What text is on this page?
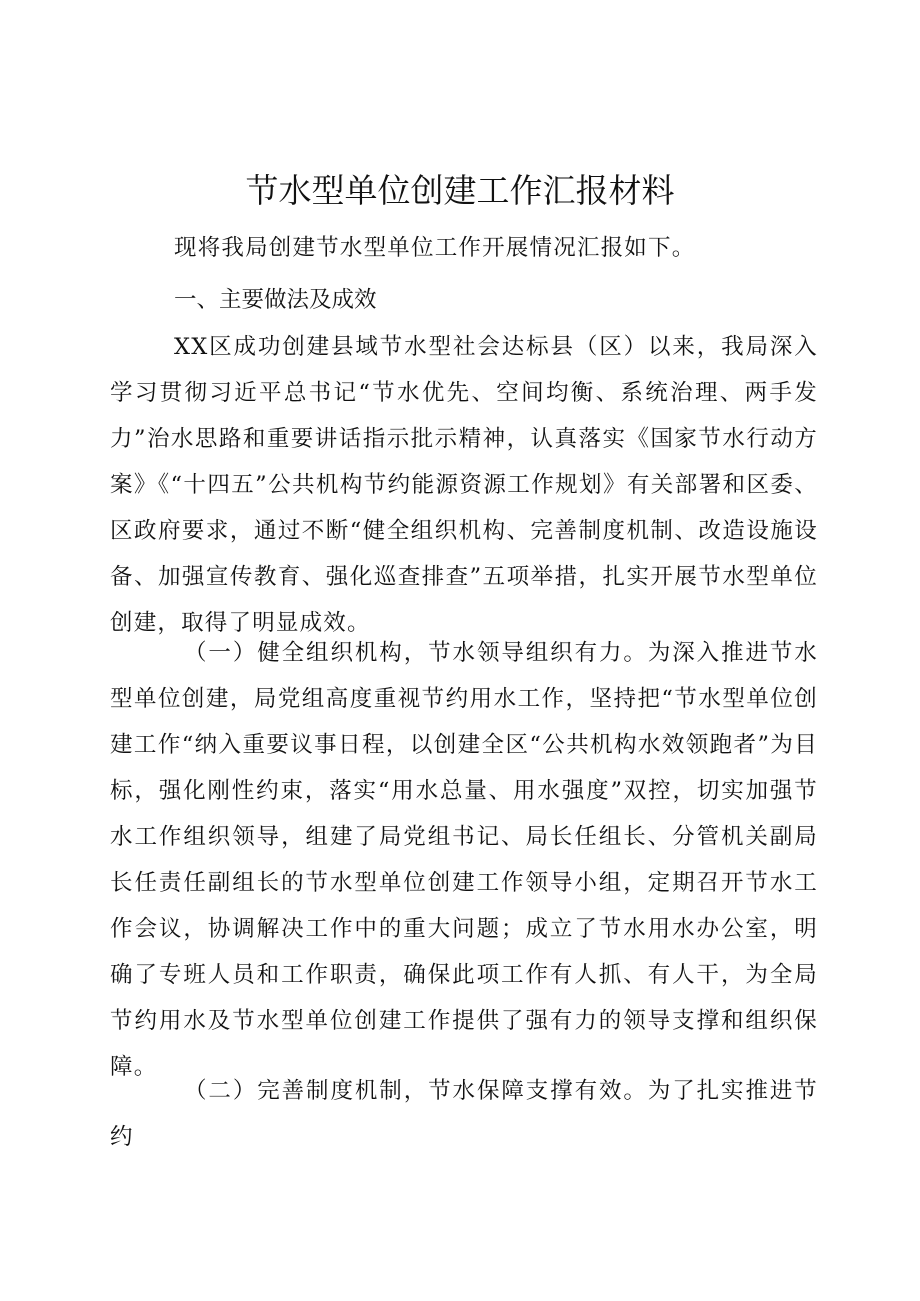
节水型单位创建工作汇报材料

现将我局创建节水型单位工作开展情况汇报如下。

一、主要做法及成效

XX区成功创建县域节水型社会达标县（区）以来，我局深入学习贯彻习近平总书记“节水优先、空间均衡、系统治理、两手发力”治水思路和重要讲话指示批示精神，认真落实《国家节水行动方案》《“十四五”公共机构节约能源资源工作规划》有关部署和区委、区政府要求，通过不断“健全组织机构、完善制度机制、改造设施设备、加强宣传教育、强化巡查排查”五项举措，扎实开展节水型单位创建，取得了明显成效。

（一）健全组织机构，节水领导组织有力。为深入推进节水型单位创建，局党组高度重视节约用水工作，坚持把“节水型单位创建工作“纳入重要议事日程，以创建全区“公共机构水效领跑者”为目标，强化刚性约束，落实“用水总量、用水强度”双控，切实加强节水工作组织领导，组建了局党组书记、局长任组长、分管机关副局长任责任副组长的节水型单位创建工作领导小组，定期召开节水工作会议，协调解决工作中的重大问题；成立了节水用水办公室，明确了专班人员和工作职责，确保此项工作有人抓、有人干，为全局节约用水及节水型单位创建工作提供了强有力的领导支撑和组织保障。

（二）完善制度机制，节水保障支撑有效。为了扎实推进节约
